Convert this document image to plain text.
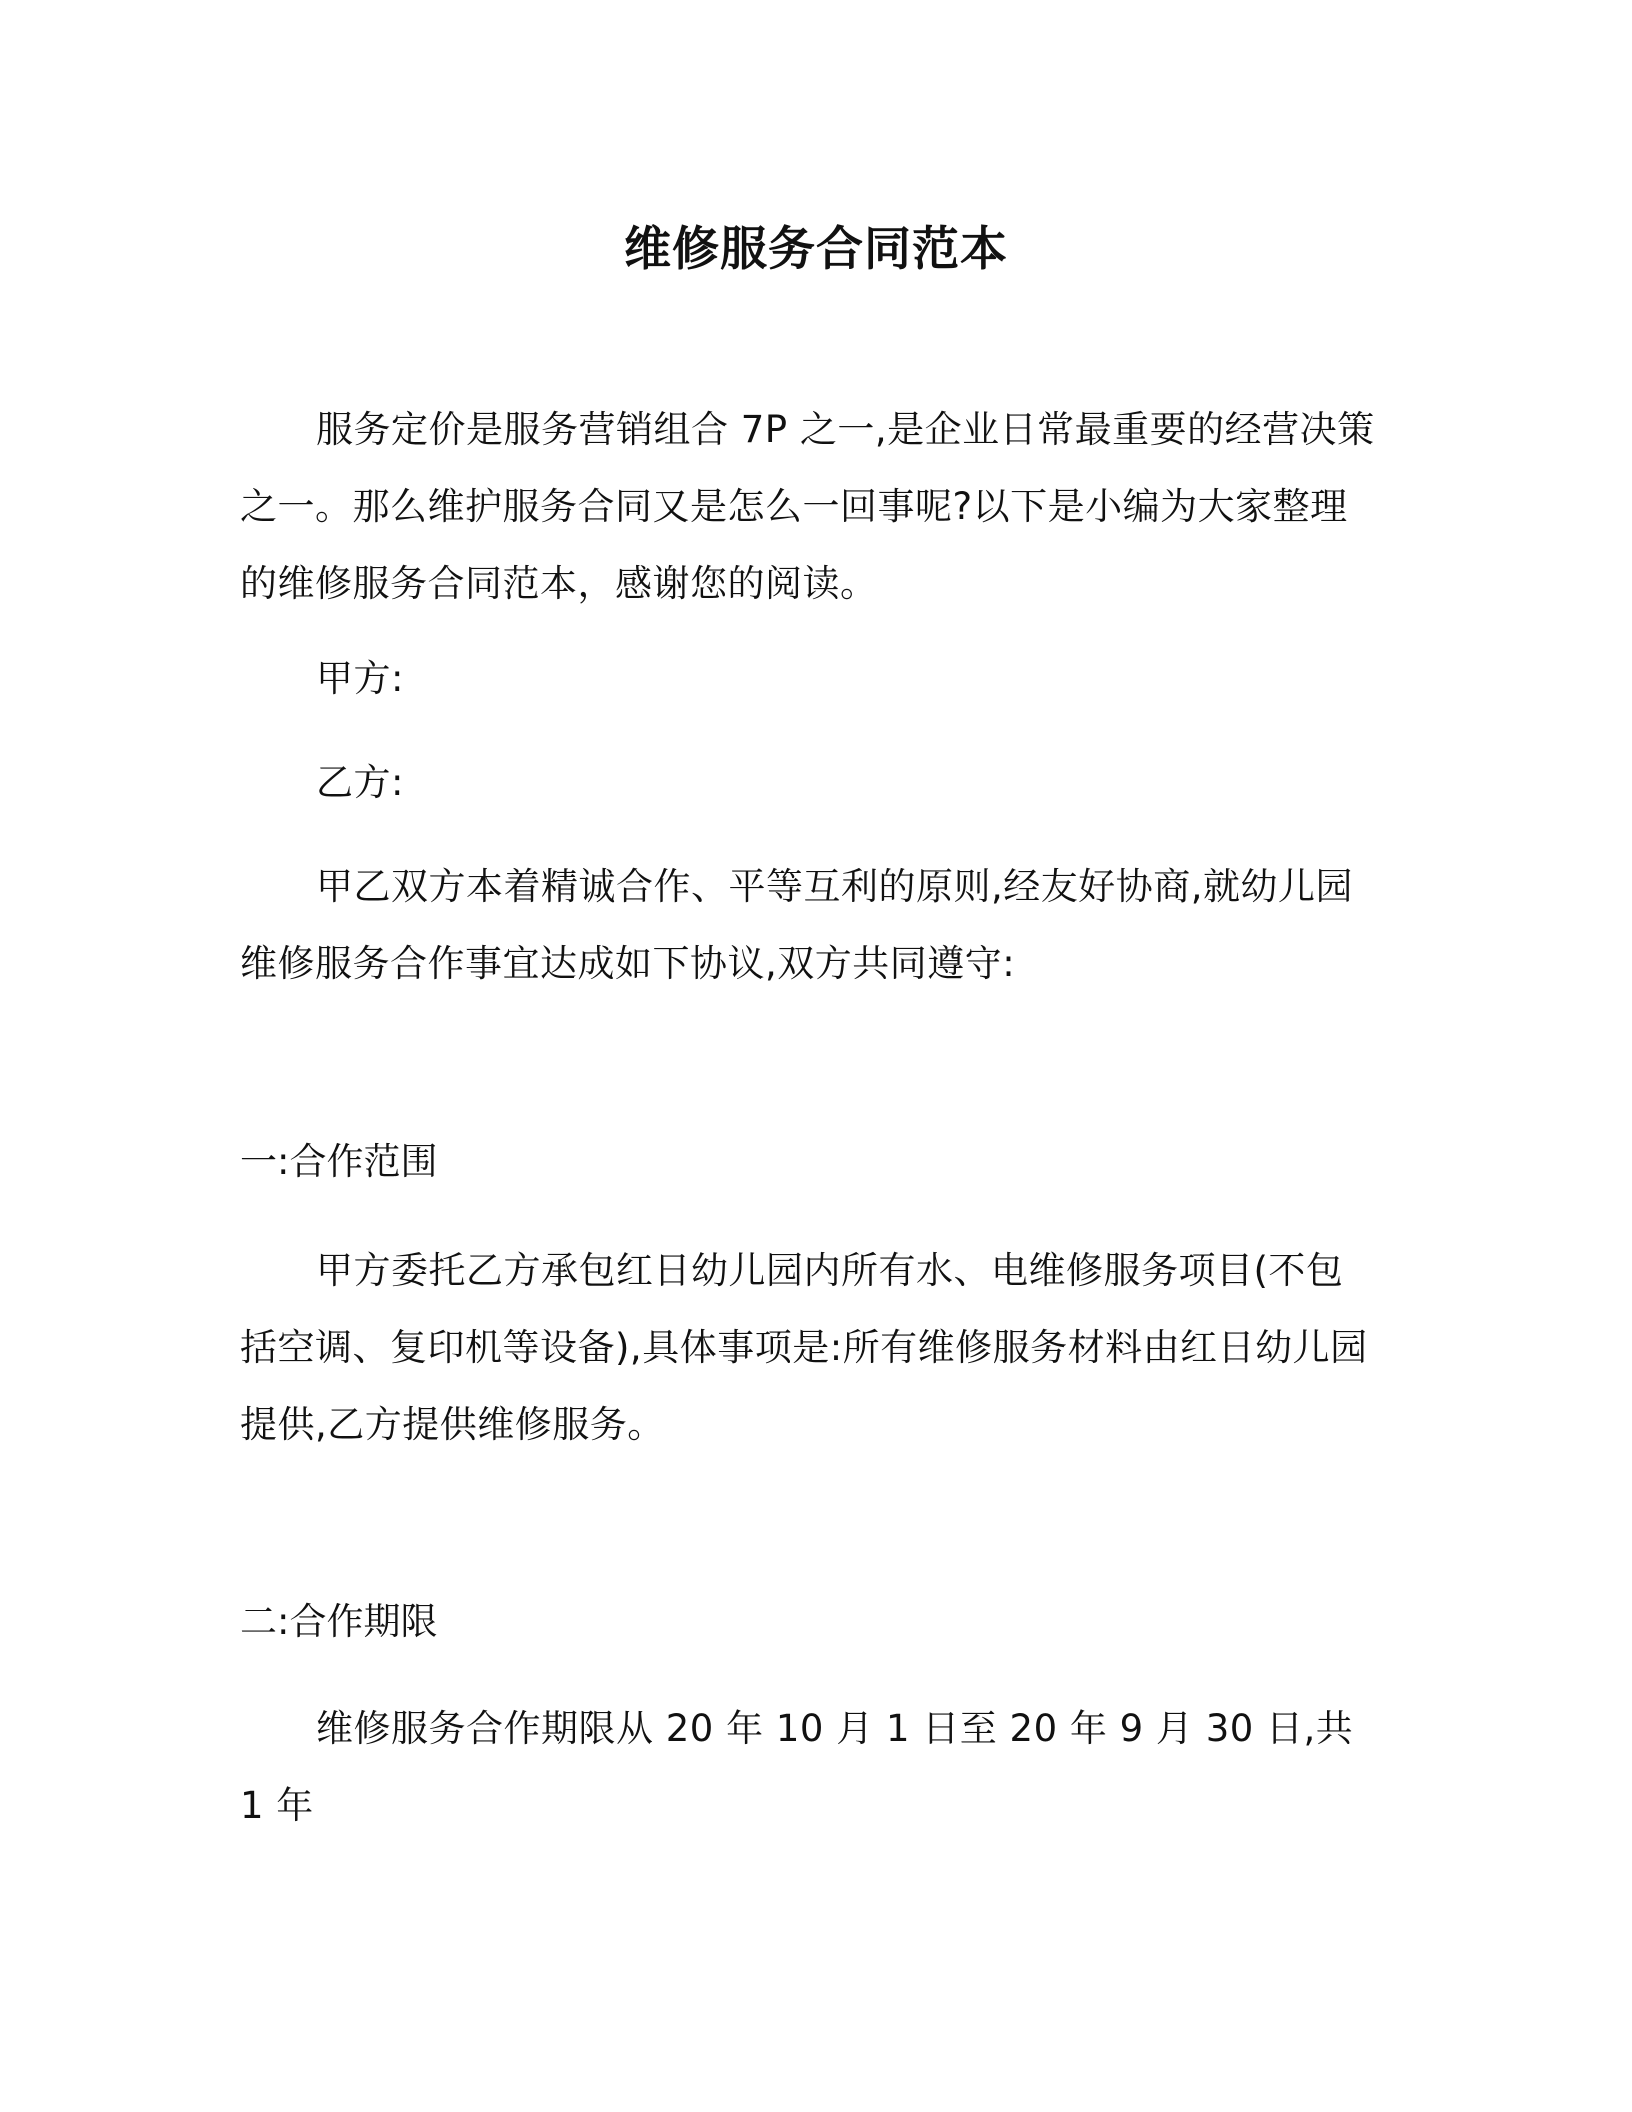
维修服务合同范本
服务定价是服务营销组合 7P 之一,是企业日常最重要的经营决策之一。那么维护服务合同又是怎么一回事呢?以下是小编为大家整理的维修服务合同范本，感谢您的阅读。
甲方:
乙方:
甲乙双方本着精诚合作、平等互利的原则,经友好协商,就幼儿园维修服务合作事宜达成如下协议,双方共同遵守:
一:合作范围
甲方委托乙方承包红日幼儿园内所有水、电维修服务项目(不包括空调、复印机等设备),具体事项是:所有维修服务材料由红日幼儿园提供,乙方提供维修服务。
二:合作期限
维修服务合作期限从 20 年 10 月 1 日至 20 年 9 月 30 日,共 1 年
